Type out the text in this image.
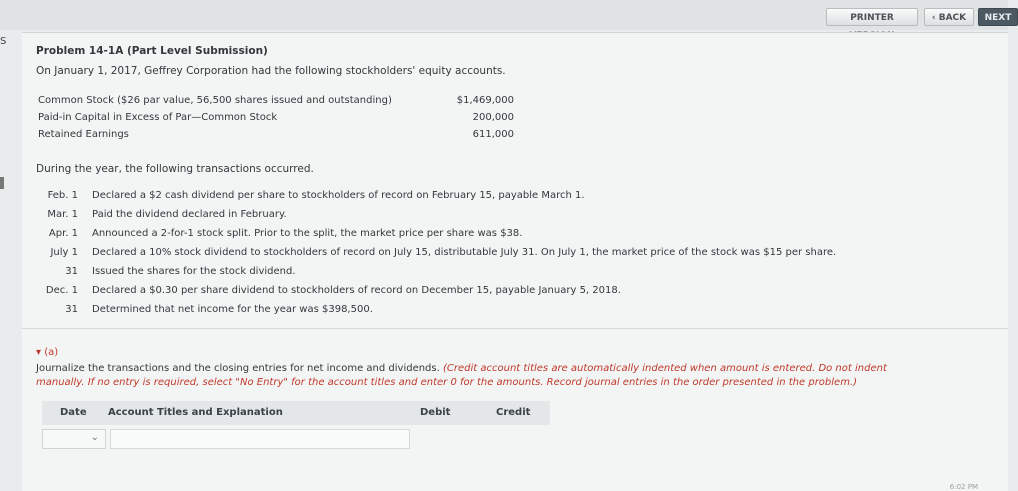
PRINTER	‹ BACK	NEXT
S
Problem 14-1A (Part Level Submission)
On January 1, 2017, Geffrey Corporation had the following stockholders' equity accounts.
Common Stock ($26 par value, 56,500 shares issued and outstanding)	$1,469,000
Paid-in Capital in Excess of Par—Common Stock	200,000
Retained Earnings	611,000
During the year, the following transactions occurred.
Feb. 1 Declared a $2 cash dividend per share to stockholders of record on February 15, payable March 1.
Mar. 1 Paid the dividend declared in February.
Apr. 1 Announced a 2-for-1 stock split. Prior to the split, the market price per share was $38.
July 1 Declared a 10% stock dividend to stockholders of record on July 15, distributable July 31. On July 1, the market price of the stock was $15 per share.
31 Issued the shares for the stock dividend.
Dec. 1 Declared a $0.30 per share dividend to stockholders of record on December 15, payable January 5, 2018.
31 Determined that net income for the year was $398,500.
▾ (a)
Journalize the transactions and the closing entries for net income and dividends. (Credit account titles are automatically indented when amount is entered. Do not indent
manually. If no entry is required, select "No Entry" for the account titles and enter 0 for the amounts. Record journal entries in the order presented in the problem.)
Date Account Titles and Explanation	Debit	Credit
⌄
6:02 PM
